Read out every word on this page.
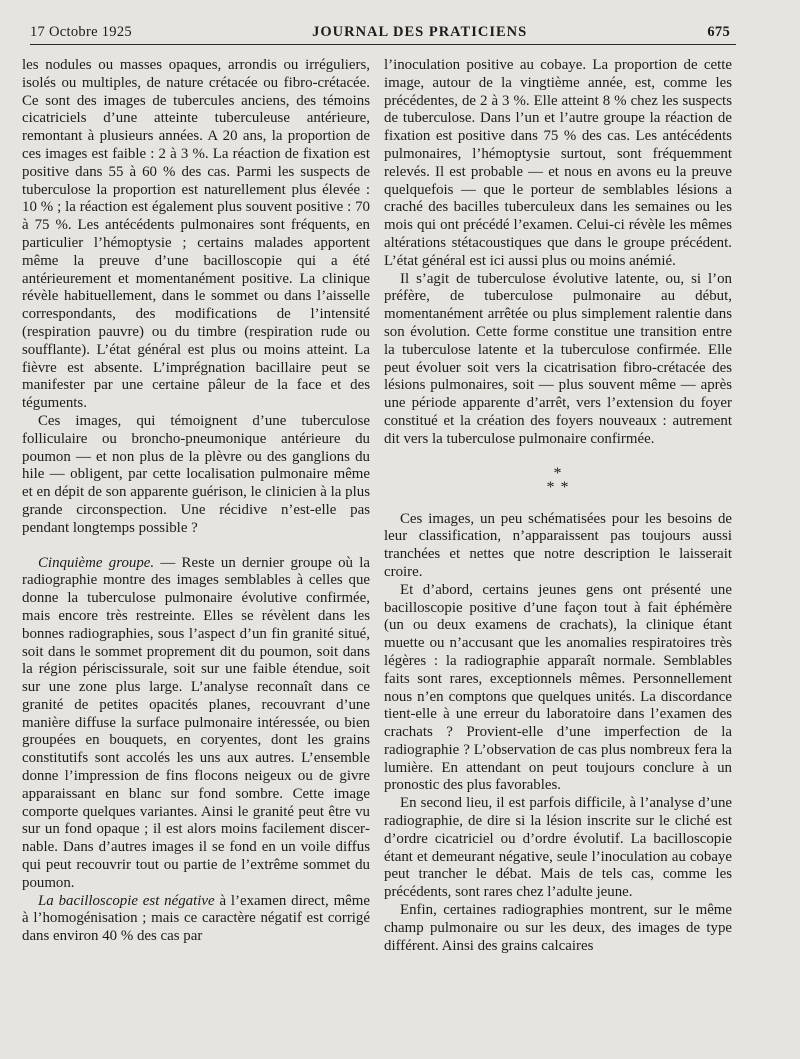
17 Octobre 1925	JOURNAL DES PRATICIENS	675

les nodules ou masses opaques, arrondis ou irréguliers, isolés ou multiples, de nature crétacée ou fibro-crétacée. Ce sont des images de tubercules anciens, des témoins cicatriciels d’une atteinte tuberculeuse antérieure, remontant à plusieurs années. A 20 ans, la proportion de ces images est faible : 2 à 3 %. La réaction de fixation est positive dans 55 à 60 % des cas. Parmi les suspects de tuberculose la proportion est naturellement plus élevée : 10 % ; la réaction est également plus souvent positive : 70 à 75 %. Les antécédents pulmonaires sont fréquents, en particulier l’hémoptysie ; certains malades apportent même la preuve d’une bacilloscopie qui a été antérieurement et momentanément positive. La clinique révèle habituellement, dans le sommet ou dans l’aisselle correspondants, des modifications de l’intensité (respiration pauvre) ou du timbre (respiration rude ou soufflante). L’état général est plus ou moins atteint. La fièvre est absente. L’imprégnation bacillaire peut se manifester par une certaine pâleur de la face et des téguments.

Ces images, qui témoignent d’une tuberculose folliculaire ou broncho-pneumonique antérieure du poumon — et non plus de la plèvre ou des ganglions du hile — obligent, par cette localisation pulmonaire même et en dépit de son apparente guérison, le clinicien à la plus grande circonspection. Une récidive n’est-elle pas pendant longtemps possible ?

Cinquième groupe. — Reste un dernier groupe où la radiographie montre des images semblables à celles que donne la tuberculose pulmonaire évolutive confirmée, mais encore très restreinte. Elles se révèlent dans les bonnes radiographies, sous l’aspect d’un fin granité situé, soit dans le sommet proprement dit du poumon, soit dans la région périscissurale, soit sur une faible étendue, soit sur une zone plus large. L’analyse reconnaît dans ce granité de petites opacités planes, recouvrant d’une manière diffuse la surface pulmonaire intéressée, ou bien groupées en bouquets, en coryentes, dont les grains constitutifs sont accolés les uns aux autres. L’ensemble donne l’impression de fins flocons neigeux ou de givre apparaissant en blanc sur fond sombre. Cette image comporte quelques variantes. Ainsi le granité peut être vu sur un fond opaque ; il est alors moins facilement discernable. Dans d’autres images il se fond en un voile diffus qui peut recouvrir tout ou partie de l’extrême sommet du poumon.

La bacilloscopie est négative à l’examen direct, même à l’homogénisation ; mais ce caractère négatif est corrigé dans environ 40 % des cas par

l’inoculation positive au cobaye. La proportion de cette image, autour de la vingtième année, est, comme les précédentes, de 2 à 3 %. Elle atteint 8 % chez les suspects de tuberculose. Dans l’un et l’autre groupe la réaction de fixation est positive dans 75 % des cas. Les antécédents pulmonaires, l’hémoptysie surtout, sont fréquemment relevés. Il est probable — et nous en avons eu la preuve quelquefois — que le porteur de semblables lésions a craché des bacilles tuberculeux dans les semaines ou les mois qui ont précédé l’examen. Celui-ci révèle les mêmes altérations stétacoustiques que dans le groupe précédent. L’état général est ici aussi plus ou moins anémié.

Il s’agit de tuberculose évolutive latente, ou, si l’on préfère, de tuberculose pulmonaire au début, momentanément arrêtée ou plus simplement ralentie dans son évolution. Cette forme constitue une transition entre la tuberculose latente et la tuberculose confirmée. Elle peut évoluer soit vers la cicatrisation fibro-crétacée des lésions pulmonaires, soit — plus souvent même — après une période apparente d’arrêt, vers l’extension du foyer constitué et la création des foyers nouveaux : autrement dit vers la tuberculose pulmonaire confirmée.

*
* *

Ces images, un peu schématisées pour les besoins de leur classification, n’apparaissent pas toujours aussi tranchées et nettes que notre description le laisserait croire.

Et d’abord, certains jeunes gens ont présenté une bacilloscopie positive d’une façon tout à fait éphémère (un ou deux examens de crachats), la clinique étant muette ou n’accusant que les anomalies respiratoires très légères : la radiographie apparaît normale. Semblables faits sont rares, exceptionnels mêmes. Personnellement nous n’en comptons que quelques unités. La discordance tient-elle à une erreur du laboratoire dans l’examen des crachats ? Provient-elle d’une imperfection de la radiographie ? L’observation de cas plus nombreux fera la lumière. En attendant on peut toujours conclure à un pronostic des plus favorables.

En second lieu, il est parfois difficile, à l’analyse d’une radiographie, de dire si la lésion inscrite sur le cliché est d’ordre cicatriciel ou d’ordre évolutif. La bacilloscopie étant et demeurant négative, seule l’inoculation au cobaye peut trancher le débat. Mais de tels cas, comme les précédents, sont rares chez l’adulte jeune.

Enfin, certaines radiographies montrent, sur le même champ pulmonaire ou sur les deux, des images de type différent. Ainsi des grains calcaires
